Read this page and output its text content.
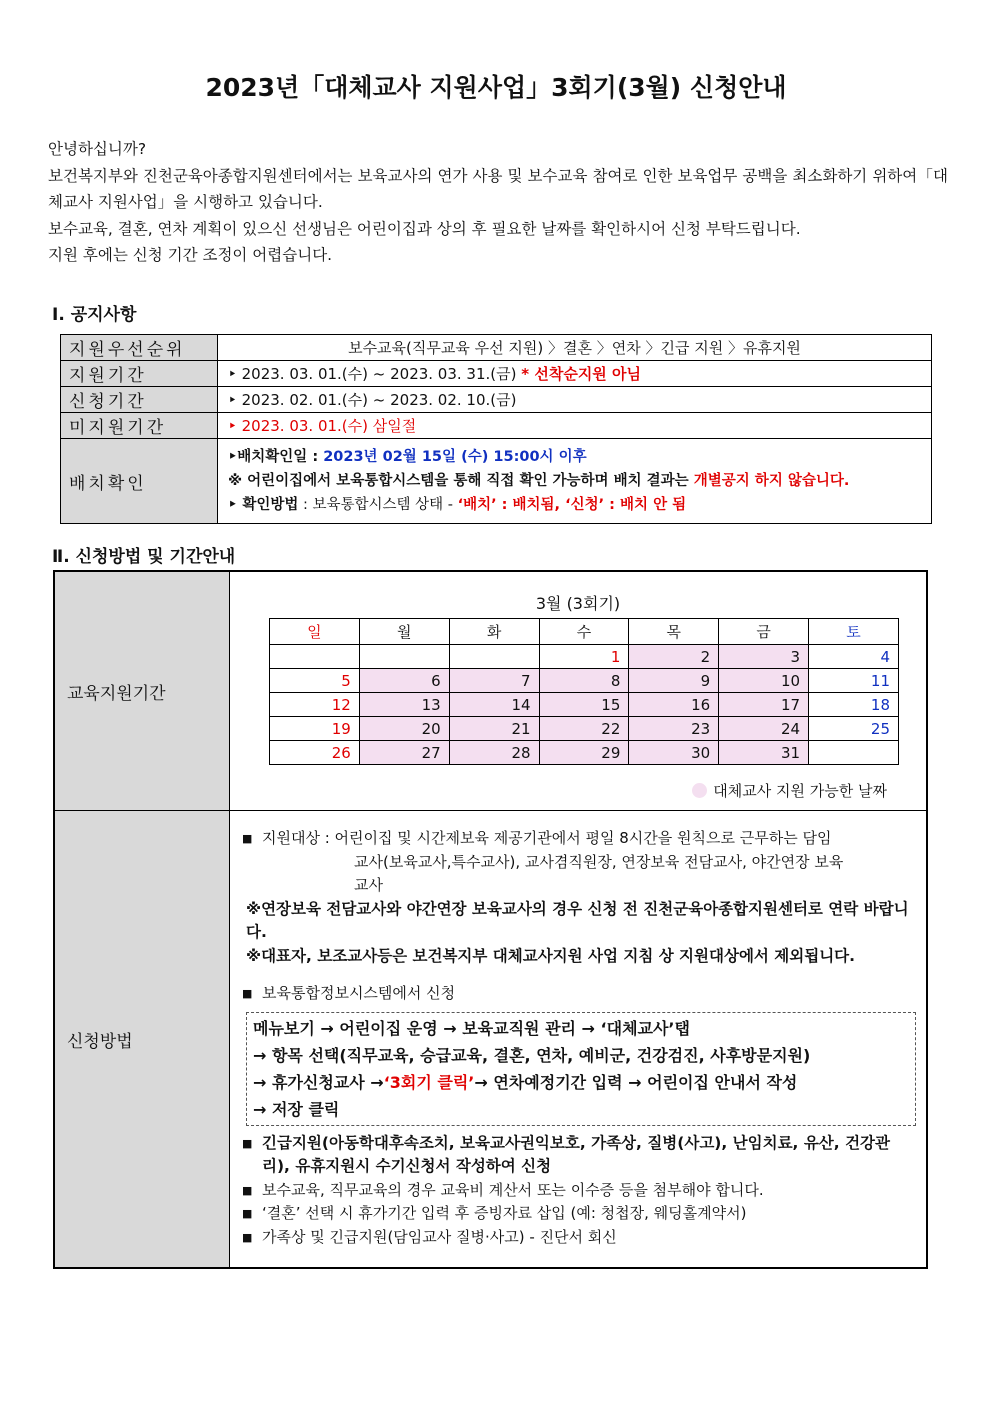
2023년「대체교사 지원사업」3회기(3월) 신청안내

안녕하십니까?

보건복지부와 진천군육아종합지원센터에서는 보육교사의 연가 사용 및 보수교육 참여로 인한 보육업무 공백을 최소화하기 위하여「대체교사 지원사업」을 시행하고 있습니다.

보수교육, 결혼, 연차 계획이 있으신 선생님은 어린이집과 상의 후 필요한 날짜를 확인하시어 신청 부탁드립니다.

지원 후에는 신청 기간 조정이 어렵습니다.

Ⅰ. 공지사항
지원우선순위	보수교육(직무교육 우선 지원) 〉결혼 〉연차 〉긴급 지원 〉유휴지원
지원기간	‣ 2023. 03. 01.(수) ~ 2023. 03. 31.(금) * 선착순지원 아님
신청기간	‣ 2023. 02. 01.(수) ~ 2023. 02. 10.(금)
미지원기간	‣ 2023. 03. 01.(수) 삼일절
배치확인	‣배치확인일 : 2023년 02월 15일 (수) 15:00시 이후
※ 어린이집에서 보육통합시스템을 통해 직접 확인 가능하며 배치 결과는 개별공지 하지 않습니다.
‣ 확인방법 : 보육통합시스템 상태 - ‘배치’ : 배치됨, ‘신청’ : 배치 안 됨
Ⅱ. 신청방법 및 기간안내
교육지원기간	
3월 (3회기)
일	월	화	수	목	금	토
			1	2	3	4
5	6	7	8	9	10	11
12	13	14	15	16	17	18
19	20	21	22	23	24	25
26	27	28	29	30	31	
대체교사 지원 가능한 날짜

신청방법	
■ 지원대상 : 어린이집 및 시간제보육 제공기관에서 평일 8시간을 원칙으로 근무하는 담임
교사(보육교사,특수교사), 교사겸직원장, 연장보육 전담교사, 야간연장 보육
교사
※연장보육 전담교사와 야간연장 보육교사의 경우 신청 전 진천군육아종합지원센터로 연락 바랍니다.
※대표자, 보조교사등은 보건복지부 대체교사지원 사업 지침 상 지원대상에서 제외됩니다.
■ 보육통합정보시스템에서 신청
메뉴보기 → 어린이집 운영 → 보육교직원 관리 → ‘대체교사’탭
→ 항목 선택(직무교육, 승급교육, 결혼, 연차, 예비군, 건강검진, 사후방문지원)
→ 휴가신청교사 →‘3회기 클릭’→ 연차예정기간 입력 → 어린이집 안내서 작성
→ 저장 클릭
■ 긴급지원(아동학대후속조치, 보육교사권익보호, 가족상, 질병(사고), 난임치료, 유산, 건강관리), 유휴지원시 수기신청서 작성하여 신청
■ 보수교육, 직무교육의 경우 교육비 계산서 또는 이수증 등을 첨부해야 합니다.
■ ‘결혼’ 선택 시 휴가기간 입력 후 증빙자료 삽입 (예: 청첩장, 웨딩홀계약서)
■ 가족상 및 긴급지원(담임교사 질병·사고) - 진단서 회신
